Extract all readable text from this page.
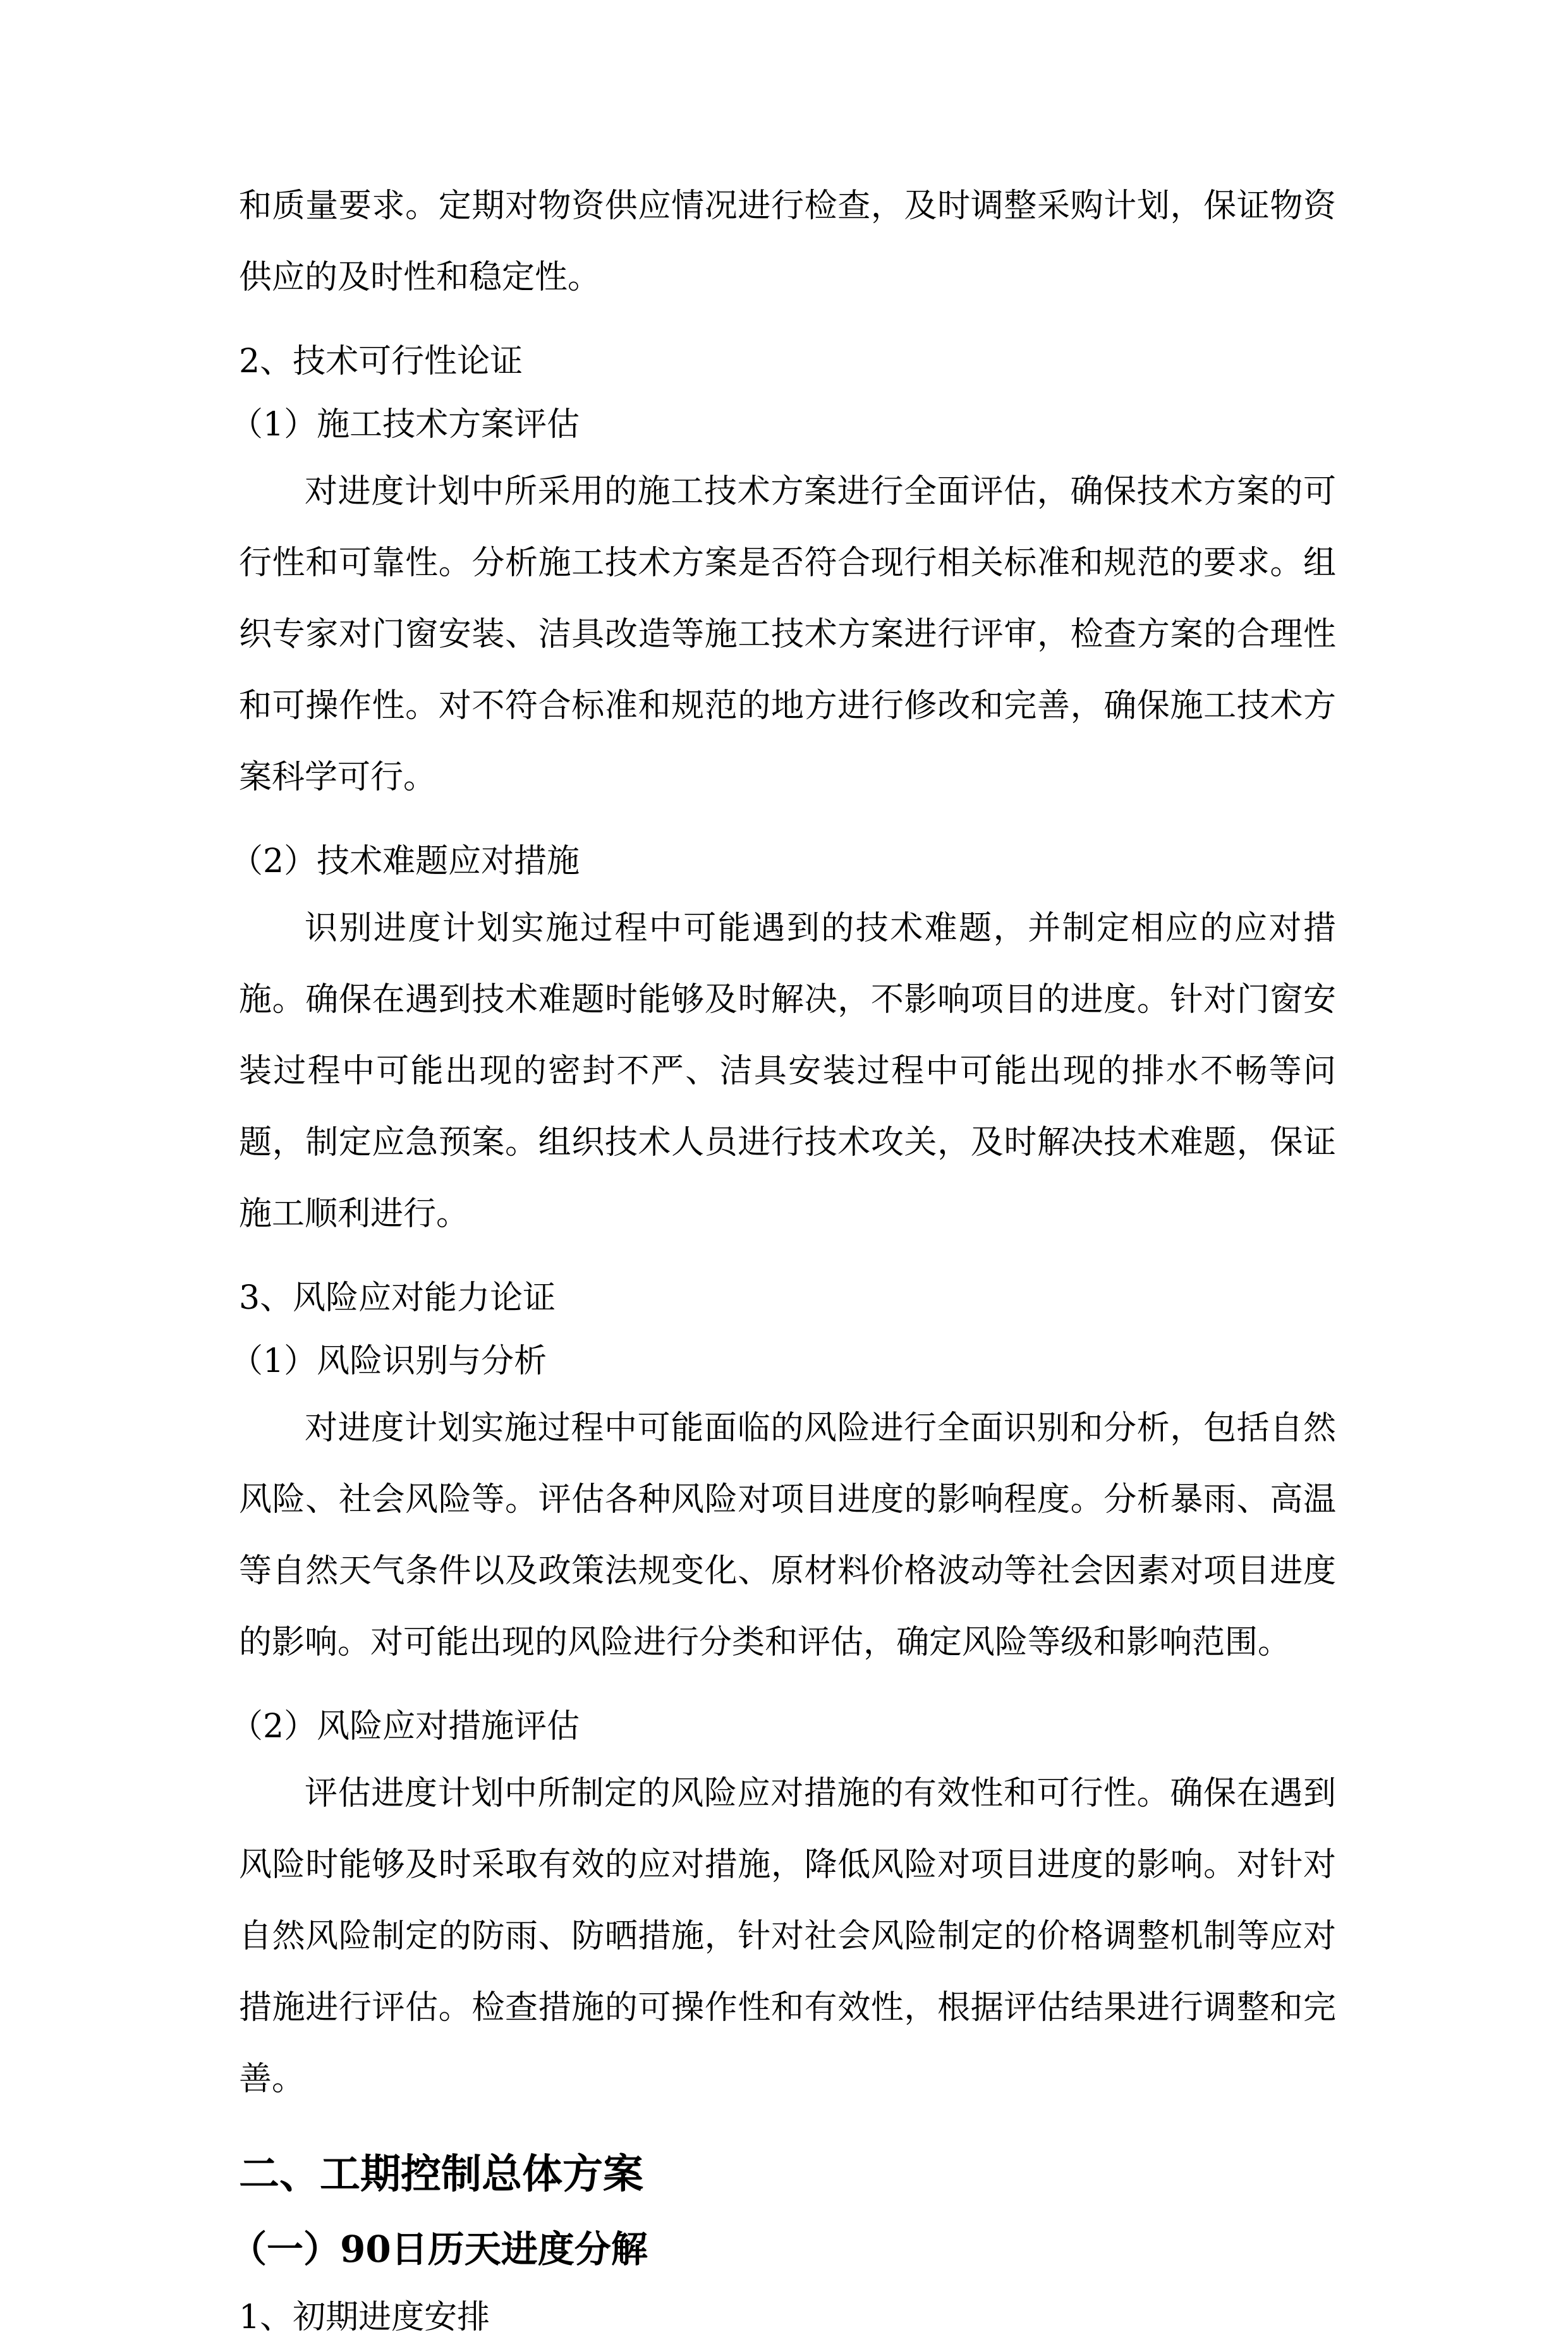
和质量要求。定期对物资供应情况进行检查，及时调整采购计划，保证物资供应的及时性和稳定性。

2、技术可行性论证

（1）施工技术方案评估

对进度计划中所采用的施工技术方案进行全面评估，确保技术方案的可行性和可靠性。分析施工技术方案是否符合现行相关标准和规范的要求。组织专家对门窗安装、洁具改造等施工技术方案进行评审，检查方案的合理性和可操作性。对不符合标准和规范的地方进行修改和完善，确保施工技术方案科学可行。

（2）技术难题应对措施

识别进度计划实施过程中可能遇到的技术难题，并制定相应的应对措施。确保在遇到技术难题时能够及时解决，不影响项目的进度。针对门窗安装过程中可能出现的密封不严、洁具安装过程中可能出现的排水不畅等问题，制定应急预案。组织技术人员进行技术攻关，及时解决技术难题，保证施工顺利进行。

3、风险应对能力论证

（1）风险识别与分析

对进度计划实施过程中可能面临的风险进行全面识别和分析，包括自然风险、社会风险等。评估各种风险对项目进度的影响程度。分析暴雨、高温等自然天气条件以及政策法规变化、原材料价格波动等社会因素对项目进度的影响。对可能出现的风险进行分类和评估，确定风险等级和影响范围。

（2）风险应对措施评估

评估进度计划中所制定的风险应对措施的有效性和可行性。确保在遇到风险时能够及时采取有效的应对措施，降低风险对项目进度的影响。对针对自然风险制定的防雨、防晒措施，针对社会风险制定的价格调整机制等应对措施进行评估。检查措施的可操作性和有效性，根据评估结果进行调整和完善。

二、工期控制总体方案
（一）90日历天进度分解

1、初期进度安排
